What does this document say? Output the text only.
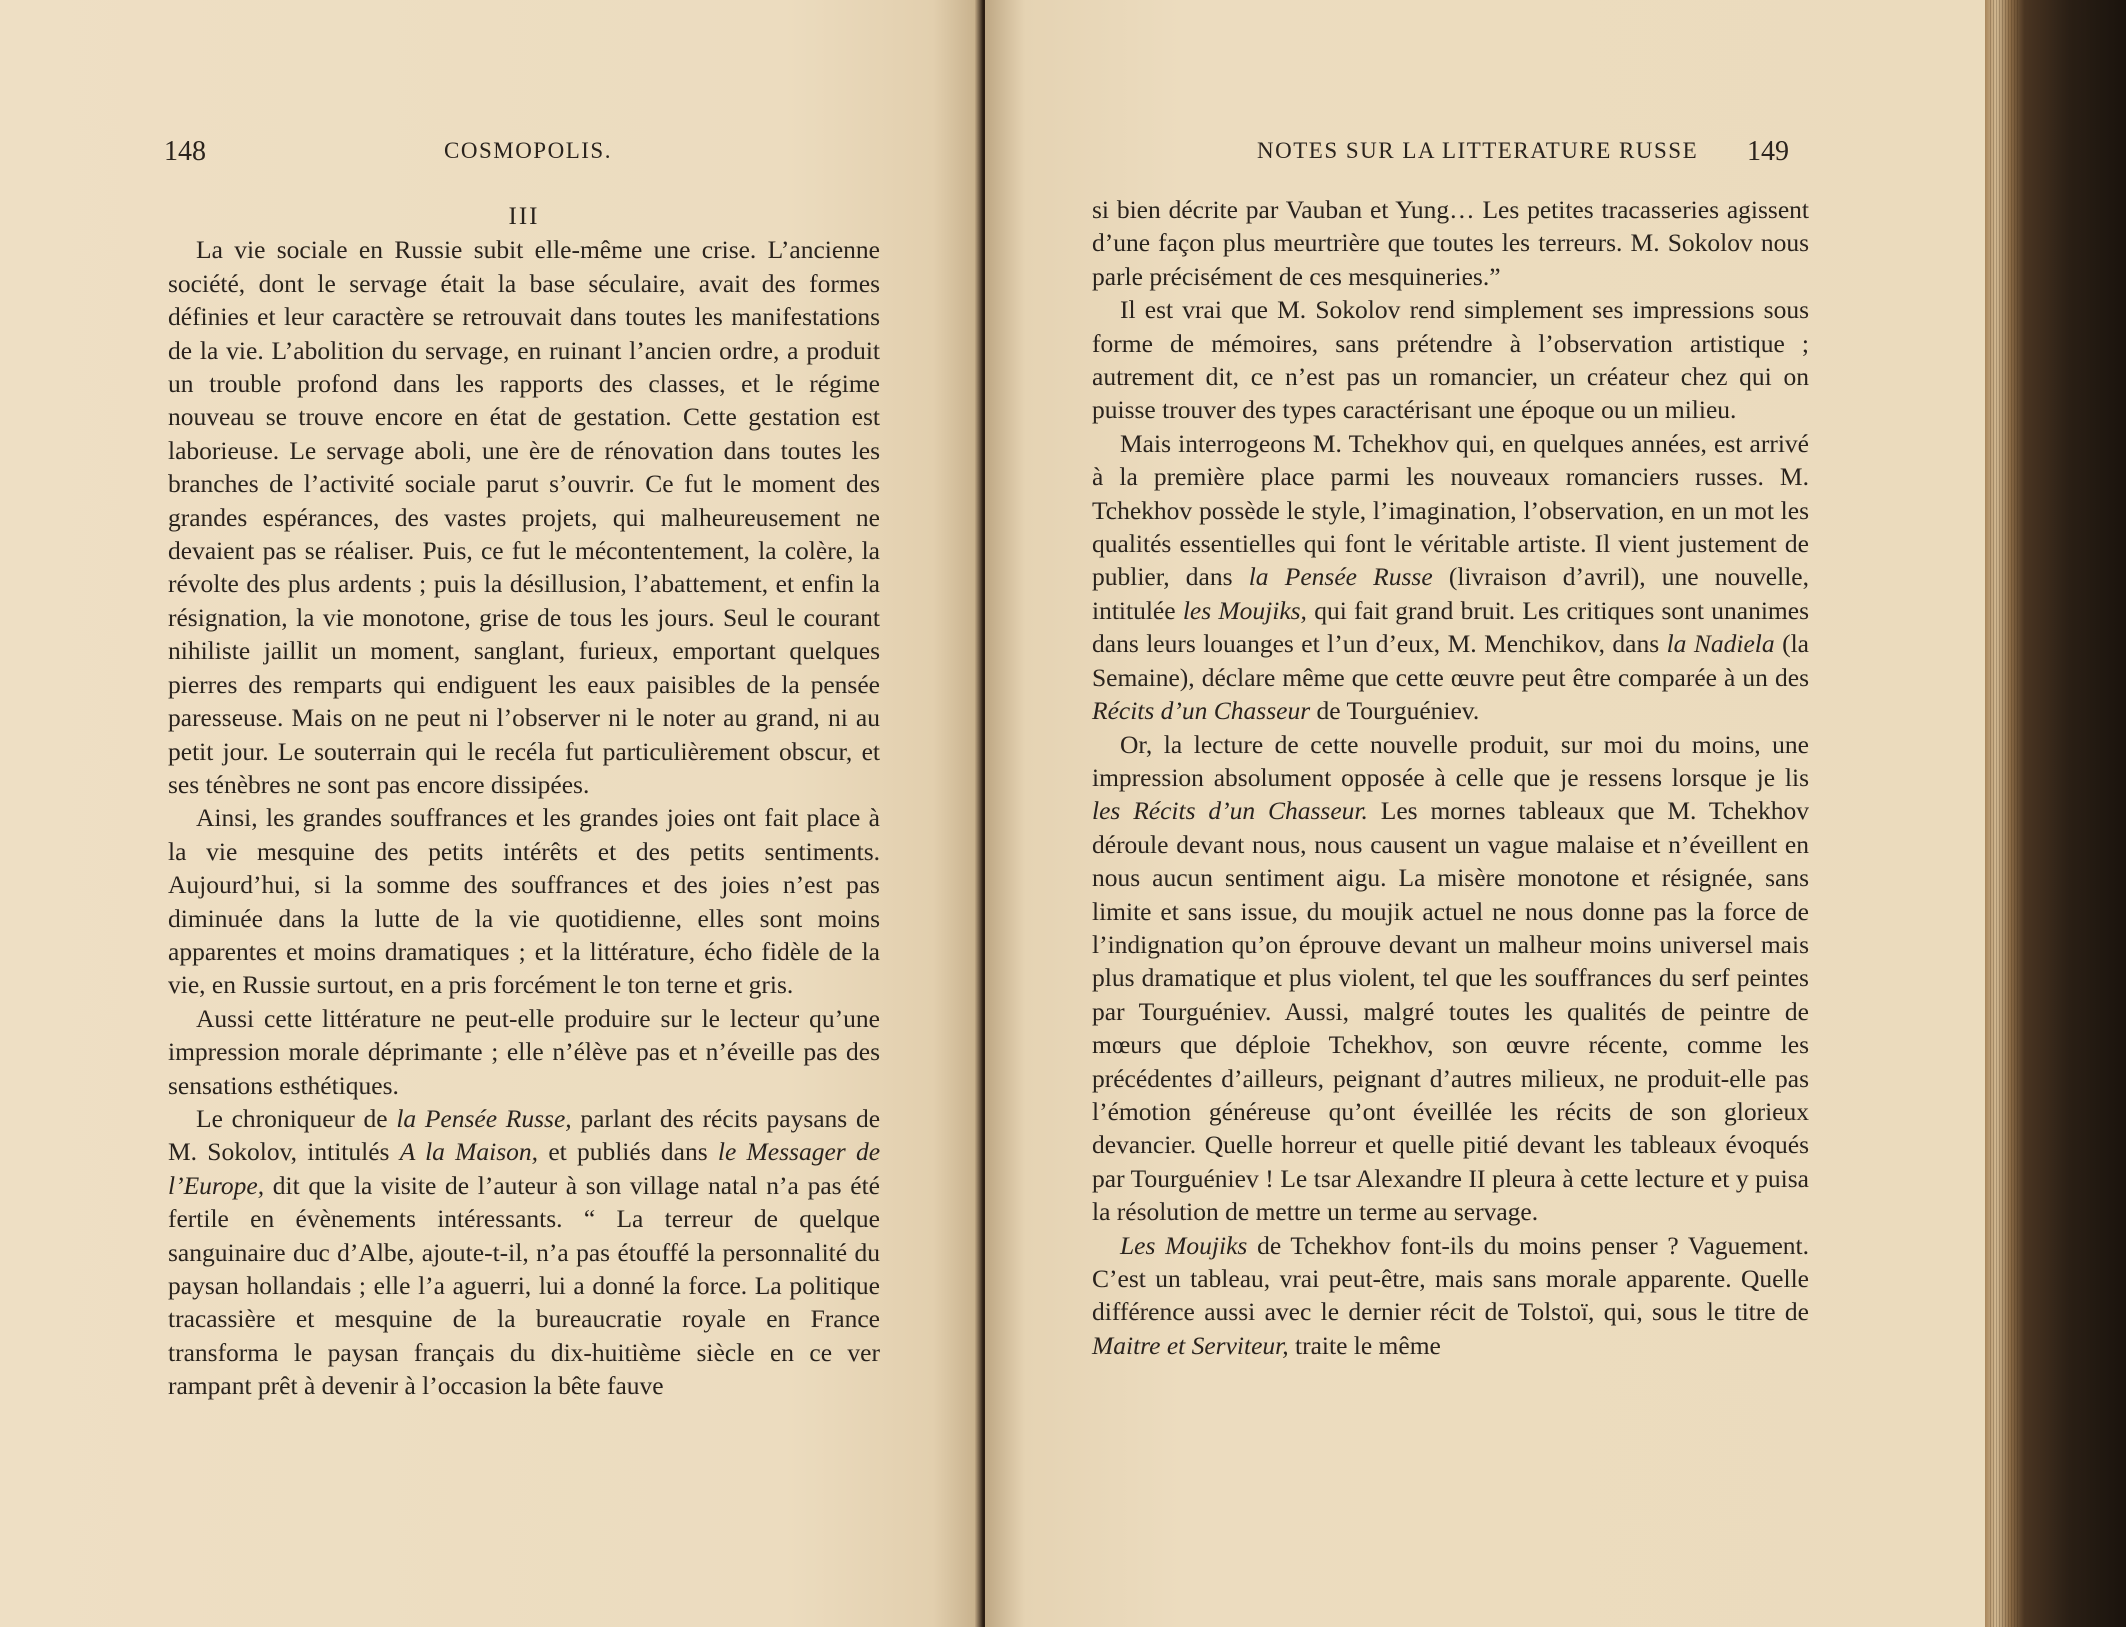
148	COSMOPOLIS.
III

La vie sociale en Russie subit elle-même une crise. L’ancienne société, dont le servage était la base séculaire, avait des formes définies et leur caractère se retrouvait dans toutes les manifestations de la vie. L’abolition du servage, en ruinant l’ancien ordre, a produit un trouble profond dans les rapports des classes, et le régime nouveau se trouve encore en état de gestation. Cette gestation est laborieuse. Le servage aboli, une ère de rénovation dans toutes les branches de l’activité sociale parut s’ouvrir. Ce fut le moment des grandes espérances, des vastes projets, qui malheureusement ne devaient pas se réaliser. Puis, ce fut le mécontentement, la colère, la révolte des plus ardents ; puis la désillusion, l’abattement, et enfin la résignation, la vie monotone, grise de tous les jours. Seul le courant nihiliste jaillit un moment, sanglant, furieux, emportant quelques pierres des remparts qui endiguent les eaux paisibles de la pensée paresseuse. Mais on ne peut ni l’observer ni le noter au grand, ni au petit jour. Le souterrain qui le recéla fut particulièrement obscur, et ses ténèbres ne sont pas encore dissipées.

Ainsi, les grandes souffrances et les grandes joies ont fait place à la vie mesquine des petits intérêts et des petits sentiments. Aujourd’hui, si la somme des souffrances et des joies n’est pas diminuée dans la lutte de la vie quotidienne, elles sont moins apparentes et moins dramatiques ; et la littérature, écho fidèle de la vie, en Russie surtout, en a pris forcément le ton terne et gris.

Aussi cette littérature ne peut-elle produire sur le lecteur qu’une impression morale déprimante ; elle n’élève pas et n’éveille pas des sensations esthétiques.

Le chroniqueur de la Pensée Russe, parlant des récits paysans de M. Sokolov, intitulés A la Maison, et publiés dans le Messager de l’Europe, dit que la visite de l’auteur à son village natal n’a pas été fertile en évènements intéressants. “ La terreur de quelque sanguinaire duc d’Albe, ajoute-t-il, n’a pas étouffé la personnalité du paysan hollandais ; elle l’a aguerri, lui a donné la force. La politique tracassière et mesquine de la bureaucratie royale en France transforma le paysan français du dix-huitième siècle en ce ver rampant prêt à devenir à l’occasion la bête fauve

NOTES SUR LA LITTERATURE RUSSE 149

si bien décrite par Vauban et Yung… Les petites tracasseries agissent d’une façon plus meurtrière que toutes les terreurs. M. Sokolov nous parle précisément de ces mesquineries.”

Il est vrai que M. Sokolov rend simplement ses impressions sous forme de mémoires, sans prétendre à l’observation artistique ; autrement dit, ce n’est pas un romancier, un créateur chez qui on puisse trouver des types caractérisant une époque ou un milieu.

Mais interrogeons M. Tchekhov qui, en quelques années, est arrivé à la première place parmi les nouveaux romanciers russes. M. Tchekhov possède le style, l’imagination, l’observation, en un mot les qualités essentielles qui font le véritable artiste. Il vient justement de publier, dans la Pensée Russe (livraison d’avril), une nouvelle, intitulée les Moujiks, qui fait grand bruit. Les critiques sont unanimes dans leurs louanges et l’un d’eux, M. Menchikov, dans la Nadiela (la Semaine), déclare même que cette œuvre peut être comparée à un des Récits d’un Chasseur de Tourguéniev.

Or, la lecture de cette nouvelle produit, sur moi du moins, une impression absolument opposée à celle que je ressens lorsque je lis les Récits d’un Chasseur. Les mornes tableaux que M. Tchekhov déroule devant nous, nous causent un vague malaise et n’éveillent en nous aucun sentiment aigu. La misère monotone et résignée, sans limite et sans issue, du moujik actuel ne nous donne pas la force de l’indignation qu’on éprouve devant un malheur moins universel mais plus dramatique et plus violent, tel que les souffrances du serf peintes par Tourguéniev. Aussi, malgré toutes les qualités de peintre de mœurs que déploie Tchekhov, son œuvre récente, comme les précédentes d’ailleurs, peignant d’autres milieux, ne produit-elle pas l’émotion généreuse qu’ont éveillée les récits de son glorieux devancier. Quelle horreur et quelle pitié devant les tableaux évoqués par Tourguéniev ! Le tsar Alexandre II pleura à cette lecture et y puisa la résolution de mettre un terme au servage.

Les Moujiks de Tchekhov font-ils du moins penser ? Vaguement. C’est un tableau, vrai peut-être, mais sans morale apparente. Quelle différence aussi avec le dernier récit de Tolstoï, qui, sous le titre de Maitre et Serviteur, traite le même
